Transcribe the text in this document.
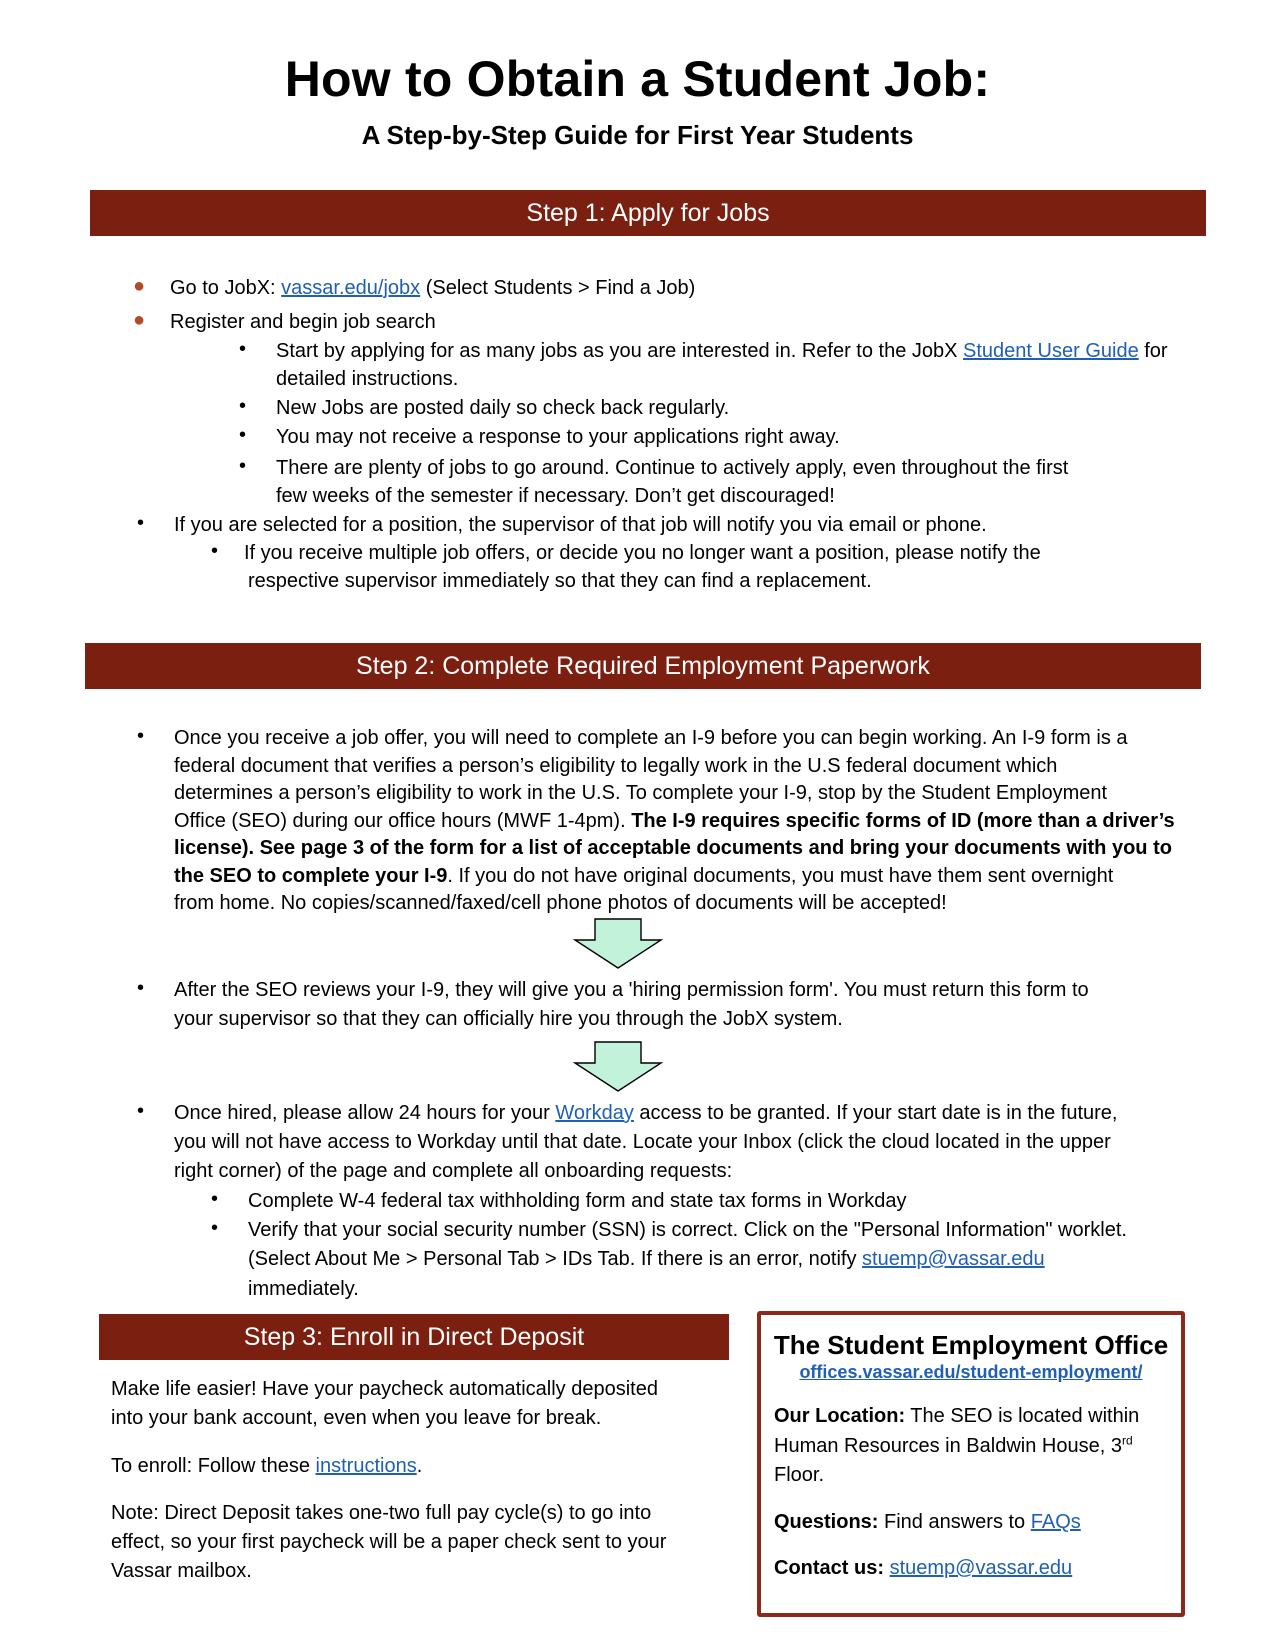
How to Obtain a Student Job:
A Step-by-Step Guide for First Year Students
Step 1: Apply for Jobs
● Go to JobX: vassar.edu/jobx (Select Students > Find a Job)
● Register and begin job search
• Start by applying for as many jobs as you are interested in. Refer to the JobX Student User Guide for
detailed instructions.
• New Jobs are posted daily so check back regularly.
• You may not receive a response to your applications right away.
• There are plenty of jobs to go around. Continue to actively apply, even throughout the first
few weeks of the semester if necessary. Don’t get discouraged!
• If you are selected for a position, the supervisor of that job will notify you via email or phone.
• If you receive multiple job offers, or decide you no longer want a position, please notify the
respective supervisor immediately so that they can find a replacement.
Step 2: Complete Required Employment Paperwork
• Once you receive a job offer, you will need to complete an I-9 before you can begin working. An I-9 form is a
federal document that verifies a person’s eligibility to legally work in the U.S federal document which
determines a person’s eligibility to work in the U.S. To complete your I-9, stop by the Student Employment
Office (SEO) during our office hours (MWF 1-4pm). The I-9 requires specific forms of ID (more than a driver’s
license). See page 3 of the form for a list of acceptable documents and bring your documents with you to
the SEO to complete your I-9. If you do not have original documents, you must have them sent overnight
from home. No copies/scanned/faxed/cell phone photos of documents will be accepted!
• After the SEO reviews your I-9, they will give you a 'hiring permission form'. You must return this form to
your supervisor so that they can officially hire you through the JobX system.
• Once hired, please allow 24 hours for your Workday access to be granted. If your start date is in the future,
you will not have access to Workday until that date. Locate your Inbox (click the cloud located in the upper
right corner) of the page and complete all onboarding requests:
• Complete W-4 federal tax withholding form and state tax forms in Workday
• Verify that your social security number (SSN) is correct. Click on the "Personal Information" worklet.
(Select About Me > Personal Tab > IDs Tab. If there is an error, notify stuemp@vassar.edu
immediately.
Step 3: Enroll in Direct Deposit
Make life easier! Have your paycheck automatically deposited
into your bank account, even when you leave for break.
To enroll: Follow these instructions.
Note: Direct Deposit takes one-two full pay cycle(s) to go into
effect, so your first paycheck will be a paper check sent to your
Vassar mailbox.
The Student Employment Office
offices.vassar.edu/student-employment/
Our Location: The SEO is located within
Human Resources in Baldwin House, 3rd
Floor.
Questions: Find answers to FAQs
Contact us: stuemp@vassar.edu
